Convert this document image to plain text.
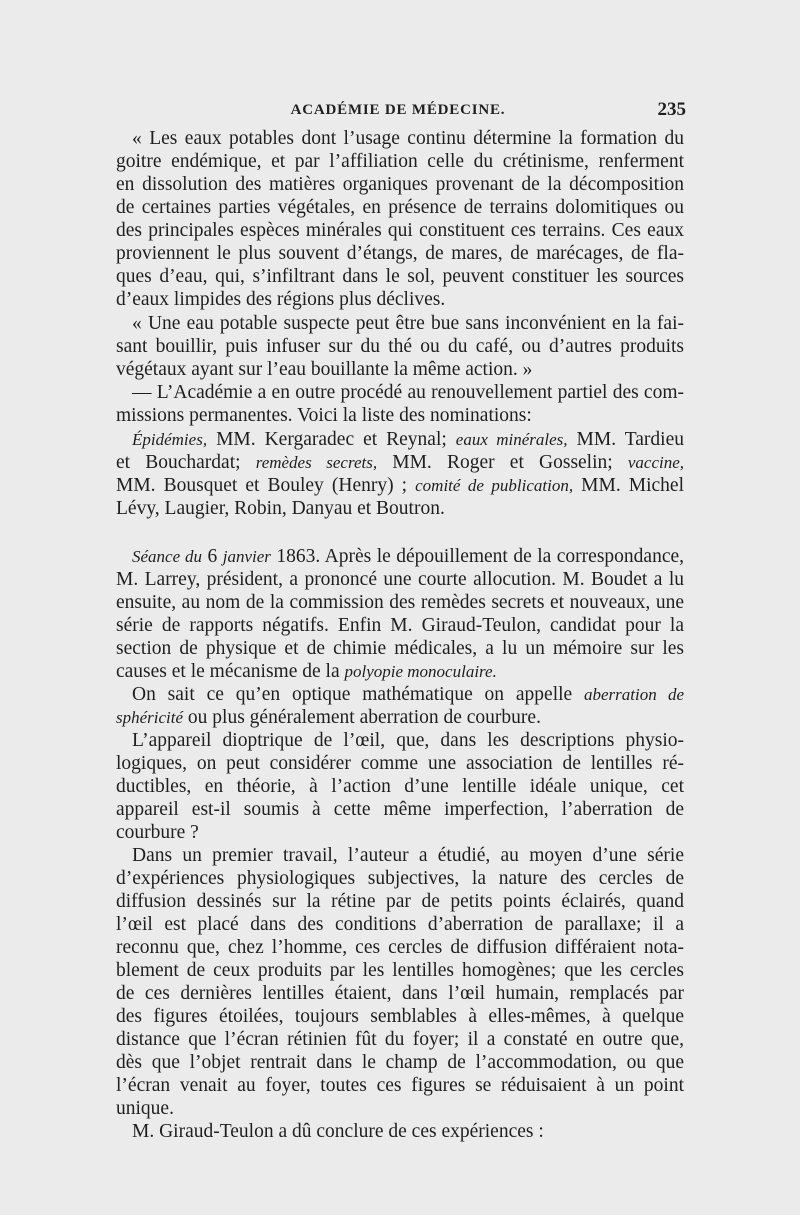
ACADÉMIE DE MÉDECINE.	235
« Les eaux potables dont l’usage continu détermine la formation du
goitre endémique, et par l’affiliation celle du crétinisme, renferment
en dissolution des matières organiques provenant de la décomposition
de certaines parties végétales, en présence de terrains dolomitiques ou
des principales espèces minérales qui constituent ces terrains. Ces eaux
proviennent le plus souvent d’étangs, de mares, de marécages, de fla-
ques d’eau, qui, s’infiltrant dans le sol, peuvent constituer les sources
d’eaux limpides des régions plus déclives.
« Une eau potable suspecte peut être bue sans inconvénient en la fai-
sant bouillir, puis infuser sur du thé ou du café, ou d’autres produits
végétaux ayant sur l’eau bouillante la même action. »
— L’Académie a en outre procédé au renouvellement partiel des com-
missions permanentes. Voici la liste des nominations:
Épidémies, MM. Kergaradec et Reynal; eaux minérales, MM. Tardieu
et Bouchardat; remèdes secrets, MM. Roger et Gosselin; vaccine,
MM. Bousquet et Bouley (Henry) ; comité de publication, MM. Michel
Lévy, Laugier, Robin, Danyau et Boutron.
Séance du 6 janvier 1863. Après le dépouillement de la correspondance,
M. Larrey, président, a prononcé une courte allocution. M. Boudet a lu
ensuite, au nom de la commission des remèdes secrets et nouveaux, une
série de rapports négatifs. Enfin M. Giraud-Teulon, candidat pour la
section de physique et de chimie médicales, a lu un mémoire sur les
causes et le mécanisme de la polyopie monoculaire.
On sait ce qu’en optique mathématique on appelle aberration de
sphéricité ou plus généralement aberration de courbure.
L’appareil dioptrique de l’œil, que, dans les descriptions physio-
logiques, on peut considérer comme une association de lentilles ré-
ductibles, en théorie, à l’action d’une lentille idéale unique, cet
appareil est-il soumis à cette même imperfection, l’aberration de
courbure ?
Dans un premier travail, l’auteur a étudié, au moyen d’une série
d’expériences physiologiques subjectives, la nature des cercles de
diffusion dessinés sur la rétine par de petits points éclairés, quand
l’œil est placé dans des conditions d’aberration de parallaxe; il a
reconnu que, chez l’homme, ces cercles de diffusion différaient nota-
blement de ceux produits par les lentilles homogènes; que les cercles
de ces dernières lentilles étaient, dans l’œil humain, remplacés par
des figures étoilées, toujours semblables à elles-mêmes, à quelque
distance que l’écran rétinien fût du foyer; il a constaté en outre que,
dès que l’objet rentrait dans le champ de l’accommodation, ou que
l’écran venait au foyer, toutes ces figures se réduisaient à un point
unique.
M. Giraud-Teulon a dû conclure de ces expériences :
